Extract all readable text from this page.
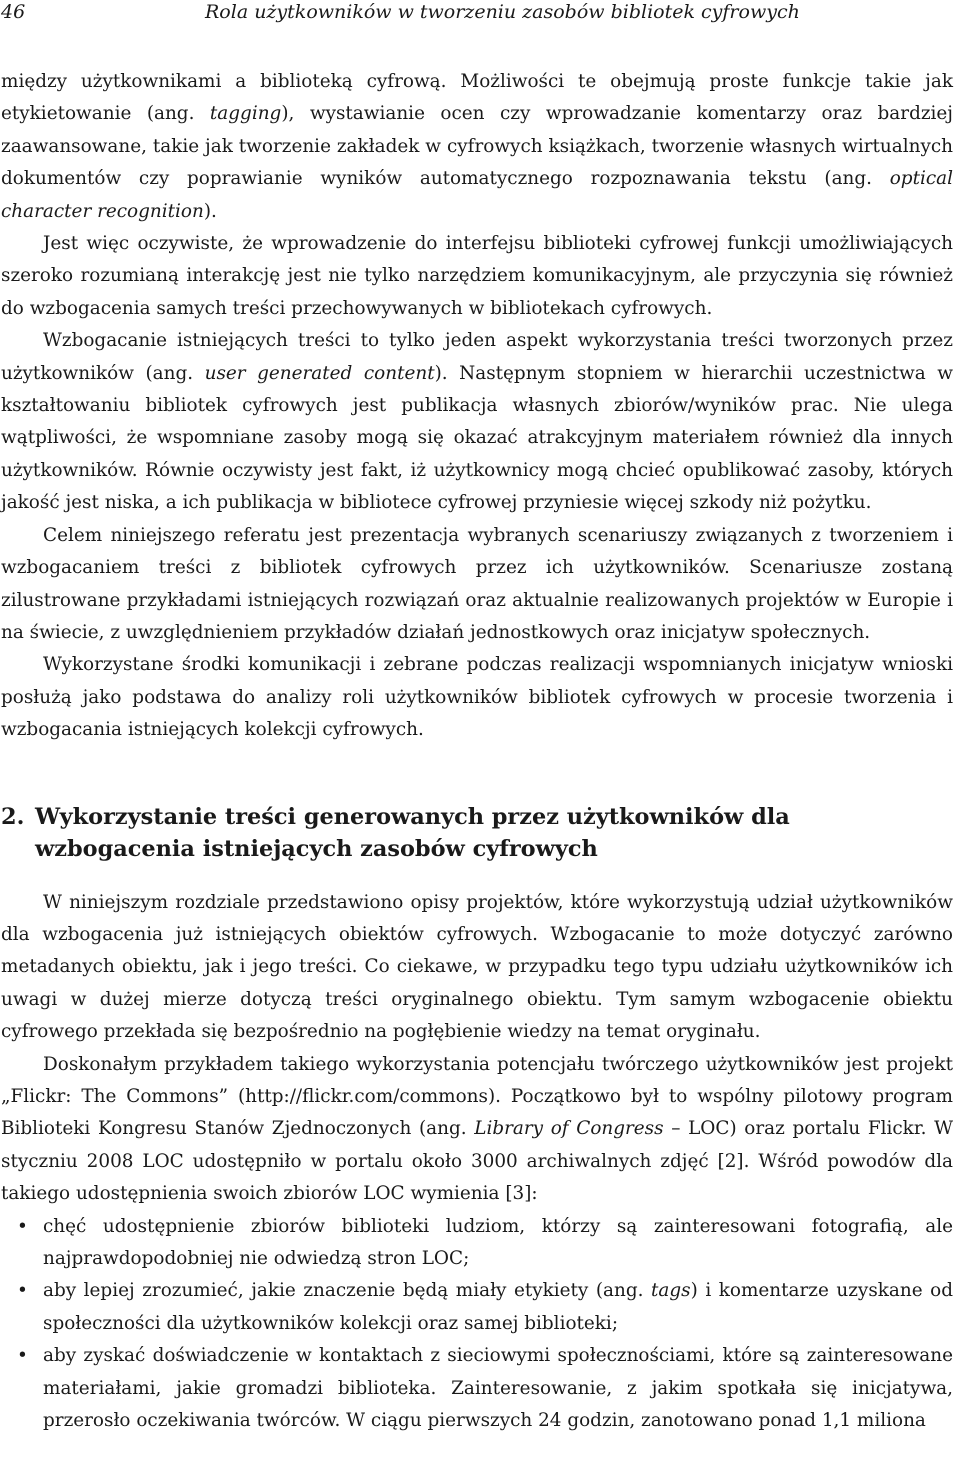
46	Rola użytkowników w tworzeniu zasobów bibliotek cyfrowych

między użytkownikami a biblioteką cyfrową. Możliwości te obejmują proste funkcje takie jak etykietowanie (ang. tagging), wystawianie ocen czy wprowadzanie komentarzy oraz bardziej zaawansowane, takie jak tworzenie zakładek w cyfrowych książkach, tworzenie własnych wirtualnych dokumentów czy poprawianie wyników automatycznego rozpoznawania tekstu (ang. optical character recognition).

Jest więc oczywiste, że wprowadzenie do interfejsu biblioteki cyfrowej funkcji umożliwiających szeroko rozumianą interakcję jest nie tylko narzędziem komunikacyjnym, ale przyczynia się również do wzbogacenia samych treści przechowywanych w bibliotekach cyfrowych.

Wzbogacanie istniejących treści to tylko jeden aspekt wykorzystania treści tworzonych przez użytkowników (ang. user generated content). Następnym stopniem w hierarchii uczestnictwa w kształtowaniu bibliotek cyfrowych jest publikacja własnych zbiorów/wyników prac. Nie ulega wątpliwości, że wspomniane zasoby mogą się okazać atrakcyjnym materiałem również dla innych użytkowników. Równie oczywisty jest fakt, iż użytkownicy mogą chcieć opublikować zasoby, których jakość jest niska, a ich publikacja w bibliotece cyfrowej przyniesie więcej szkody niż pożytku.

Celem niniejszego referatu jest prezentacja wybranych scenariuszy związanych z tworzeniem i wzbogacaniem treści z bibliotek cyfrowych przez ich użytkowników. Scenariusze zostaną zilustrowane przykładami istniejących rozwiązań oraz aktualnie realizowanych projektów w Europie i na świecie, z uwzględnieniem przykładów działań jednostkowych oraz inicjatyw społecznych.

Wykorzystane środki komunikacji i zebrane podczas realizacji wspomnianych inicjatyw wnioski posłużą jako podstawa do analizy roli użytkowników bibliotek cyfrowych w procesie tworzenia i wzbogacania istniejących kolekcji cyfrowych.

2. Wykorzystanie treści generowanych przez użytkowników dla wzbogacenia istniejących zasobów cyfrowych

W niniejszym rozdziale przedstawiono opisy projektów, które wykorzystują udział użytkowników dla wzbogacenia już istniejących obiektów cyfrowych. Wzbogacanie to może dotyczyć zarówno metadanych obiektu, jak i jego treści. Co ciekawe, w przypadku tego typu udziału użytkowników ich uwagi w dużej mierze dotyczą treści oryginalnego obiektu. Tym samym wzbogacenie obiektu cyfrowego przekłada się bezpośrednio na pogłębienie wiedzy na temat oryginału.

Doskonałym przykładem takiego wykorzystania potencjału twórczego użytkowników jest projekt „Flickr: The Commons” (http://flickr.com/commons). Początkowo był to wspólny pilotowy program Biblioteki Kongresu Stanów Zjednoczonych (ang. Library of Congress – LOC) oraz portalu Flickr. W styczniu 2008 LOC udostępniło w portalu około 3000 archiwalnych zdjęć [2]. Wśród powodów dla takiego udostępnienia swoich zbiorów LOC wymienia [3]:

• chęć udostępnienie zbiorów biblioteki ludziom, którzy są zainteresowani fotografią, ale najprawdopodobniej nie odwiedzą stron LOC;
• aby lepiej zrozumieć, jakie znaczenie będą miały etykiety (ang. tags) i komentarze uzyskane od społeczności dla użytkowników kolekcji oraz samej biblioteki;
• aby zyskać doświadczenie w kontaktach z sieciowymi społecznościami, które są zainteresowane materiałami, jakie gromadzi biblioteka. Zainteresowanie, z jakim spotkała się inicjatywa, przerosło oczekiwania twórców. W ciągu pierwszych 24 godzin, zanotowano ponad 1,1 miliona
